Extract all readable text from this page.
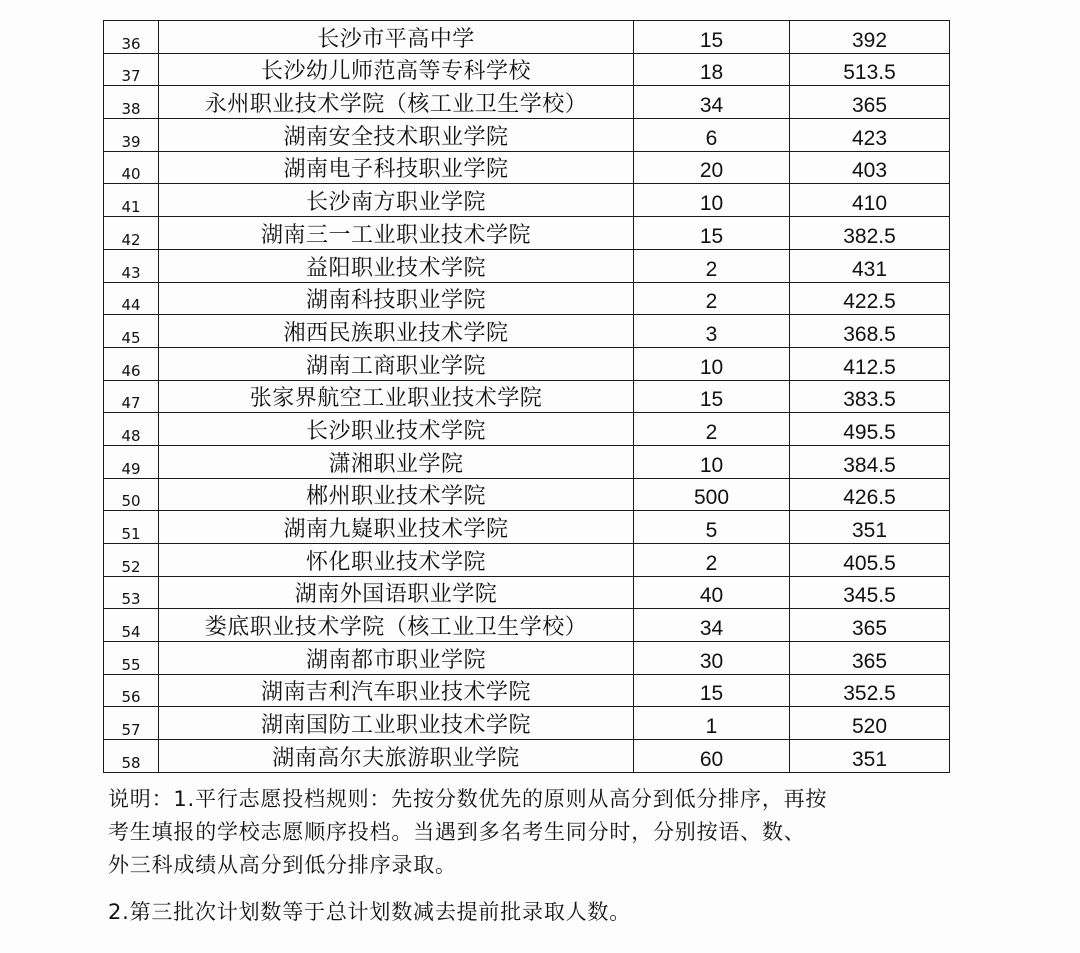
36	长沙市平高中学	15	392
37	长沙幼儿师范高等专科学校	18	513.5
38	永州职业技术学院（核工业卫生学校）	34	365
39	湖南安全技术职业学院	6	423
40	湖南电子科技职业学院	20	403
41	长沙南方职业学院	10	410
42	湖南三一工业职业技术学院	15	382.5
43	益阳职业技术学院	2	431
44	湖南科技职业学院	2	422.5
45	湘西民族职业技术学院	3	368.5
46	湖南工商职业学院	10	412.5
47	张家界航空工业职业技术学院	15	383.5
48	长沙职业技术学院	2	495.5
49	潇湘职业学院	10	384.5
50	郴州职业技术学院	500	426.5
51	湖南九嶷职业技术学院	5	351
52	怀化职业技术学院	2	405.5
53	湖南外国语职业学院	40	345.5
54	娄底职业技术学院（核工业卫生学校）	34	365
55	湖南都市职业学院	30	365
56	湖南吉利汽车职业技术学院	15	352.5
57	湖南国防工业职业技术学院	1	520
58	湖南高尔夫旅游职业学院	60	351

说明：1.平行志愿投档规则：先按分数优先的原则从高分到低分排序，再按

考生填报的学校志愿顺序投档。当遇到多名考生同分时，分别按语、数、

外三科成绩从高分到低分排序录取。

2.第三批次计划数等于总计划数减去提前批录取人数。
